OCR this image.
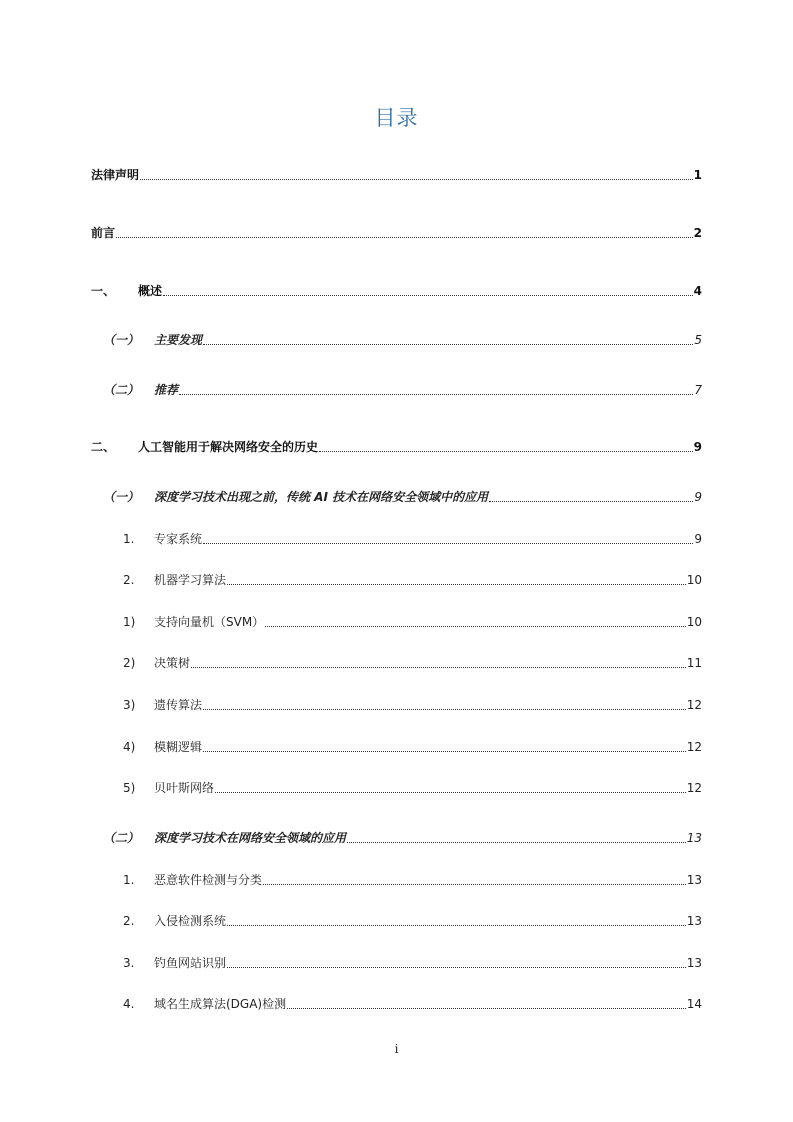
目录
法律声明	1
前言	2
一、	概述	4
（一）	主要发现	5
（二）	推荐	7
二、	人工智能用于解决网络安全的历史	9
（一）	深度学习技术出现之前，传统 AI 技术在网络安全领域中的应用	9
1.	专家系统	9
2.	机器学习算法	10
1)	支持向量机（SVM）	10
2)	决策树	11
3)	遗传算法	12
4)	模糊逻辑	12
5)	贝叶斯网络	12
（二）	深度学习技术在网络安全领域的应用	13
1.	恶意软件检测与分类	13
2.	入侵检测系统	13
3.	钓鱼网站识别	13
4.	域名生成算法(DGA)检测	14
i
